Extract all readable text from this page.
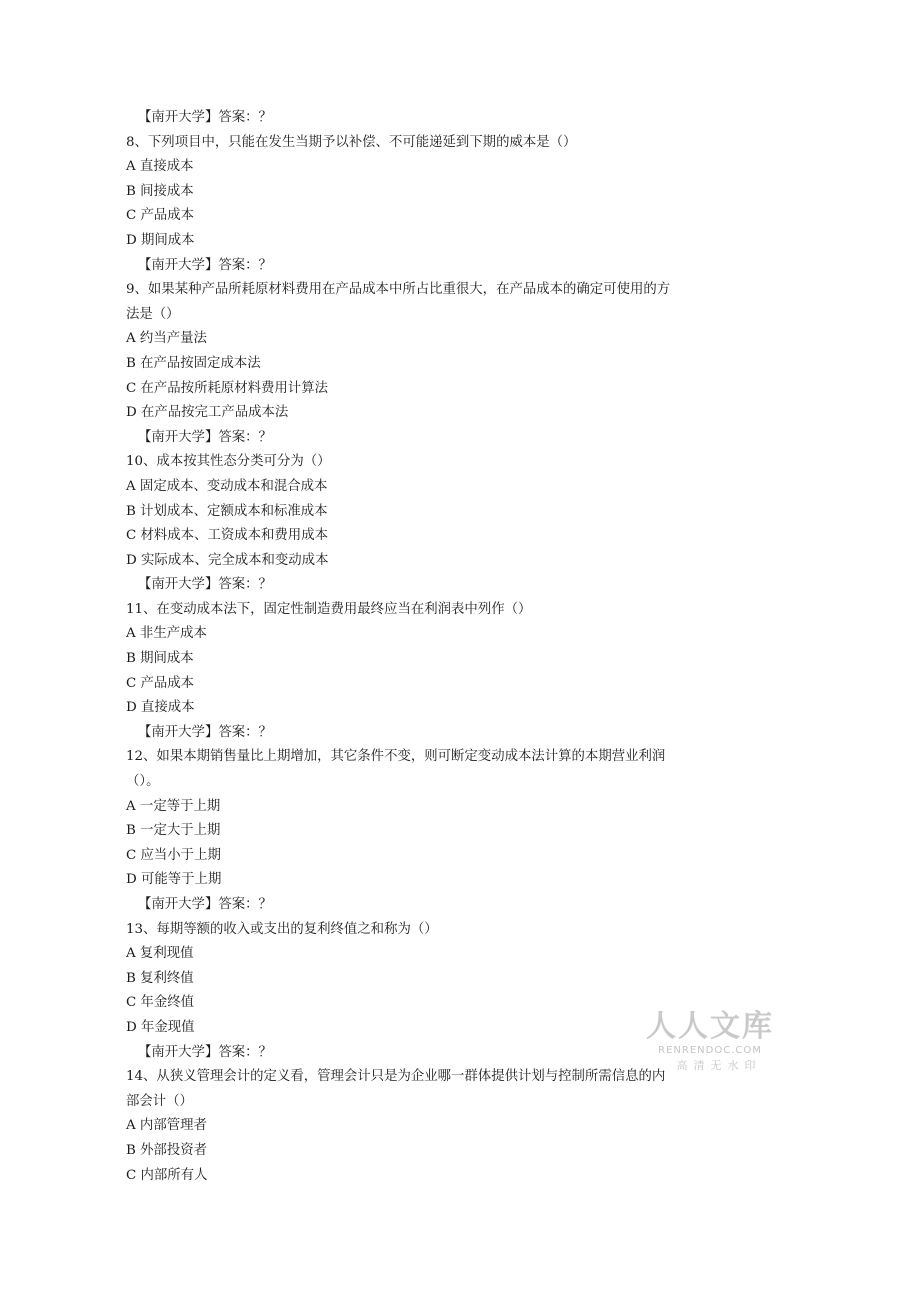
【南开大学】答案：？
8、下列项目中，只能在发生当期予以补偿、不可能递延到下期的威本是（）
A 直接成本
B 间接成本
C 产品成本
D 期间成本
【南开大学】答案：？
9、如果某种产品所耗原材料费用在产品成本中所占比重很大，在产品成本的确定可使用的方
法是（）
A 约当产量法
B 在产品按固定成本法
C 在产品按所耗原材料费用计算法
D 在产品按完工产品成本法
【南开大学】答案：？
10、成本按其性态分类可分为（）
A 固定成本、变动成本和混合成本
B 计划成本、定额成本和标准成本
C 材料成本、工资成本和费用成本
D 实际成本、完全成本和变动成本
【南开大学】答案：？
11、在变动成本法下，固定性制造费用最终应当在利润表中列作（）
A 非生产成本
B 期间成本
C 产品成本
D 直接成本
【南开大学】答案：？
12、如果本期销售量比上期增加，其它条件不变，则可断定变动成本法计算的本期营业利润
（）。
A 一定等于上期
B 一定大于上期
C 应当小于上期
D 可能等于上期
【南开大学】答案：？
13、每期等额的收入或支出的复利终值之和称为（）
A 复利现值
B 复利终值
C 年金终值
D 年金现值
【南开大学】答案：？
14、从狭义管理会计的定义看，管理会计只是为企业哪一群体提供计划与控制所需信息的内
部会计（）
A 内部管理者
B 外部投资者
C 内部所有人
人人文库
RENRENDOC.COM
高清无水印
